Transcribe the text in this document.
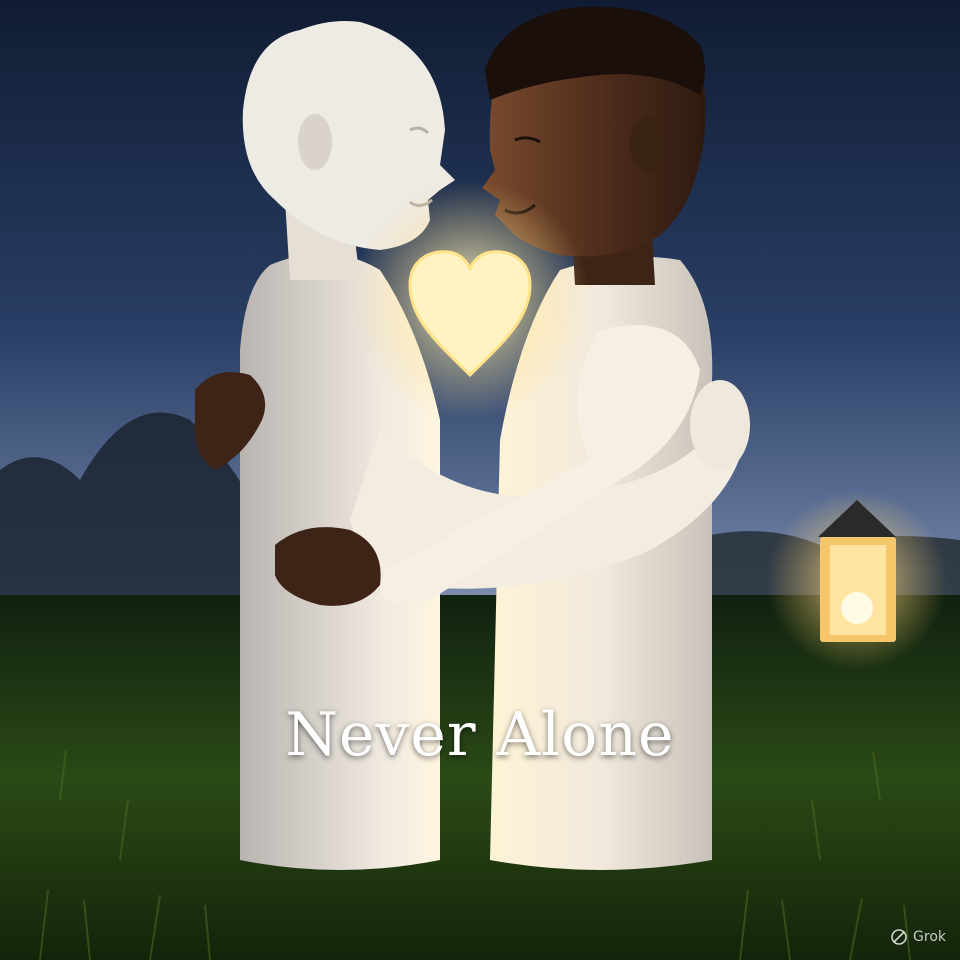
Never Alone
Grok
